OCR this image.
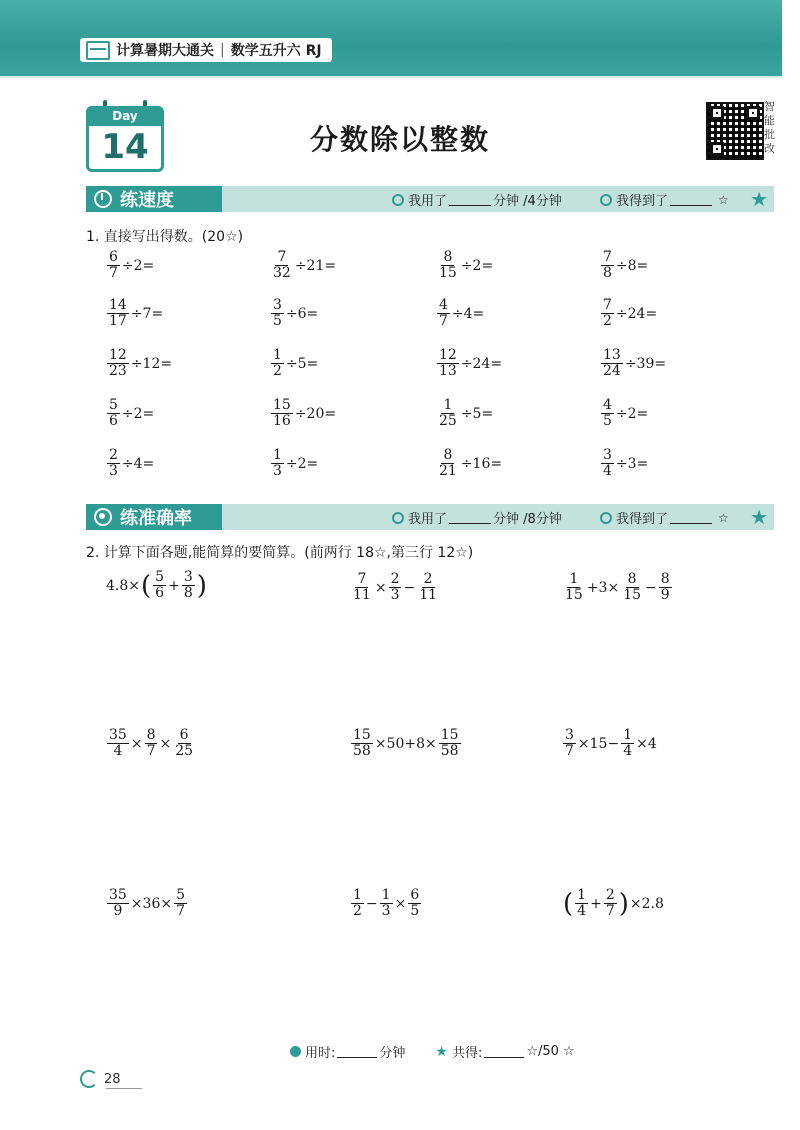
计算暑期大通关 | 数学五升六 RJ
Day
14	分数除以整数
智能批改
练速度	我用了	分钟 /4分钟	我得到了	☆ ★
1. 直接写出得数。(20☆)
$\frac{6}{7} \div 2=$	$\frac{7}{32} \div 21=$	$\frac{8}{15} \div 2=$	$\frac{7}{8} \div 8=$
$\frac{14}{17} \div 7=$	$\frac{3}{5} \div 6=$	$\frac{4}{7} \div 4=$	$\frac{7}{2} \div 24=$
$\frac{12}{23} \div 12=$	$\frac{1}{2} \div 5=$	$\frac{12}{13} \div 24=$	$\frac{13}{24} \div 39=$
$\frac{5}{6} \div 2=$	$\frac{15}{16} \div 20=$	$\frac{1}{25} \div 5=$	$\frac{4}{5} \div 2=$
$\frac{2}{3} \div 4=$	$\frac{1}{3} \div 2=$	$\frac{8}{21} \div 16=$	$\frac{3}{4} \div 3=$
练准确率	我用了	分钟 /8分钟	我得到了	☆ ★
2. 计算下面各题,能简算的要简算。(前两行 18☆,第三行 12☆)
4.8× ( $\frac{5}{6} + \frac{3}{8}$ )	$\frac{7}{11} \times \frac{2}{3} - \frac{2}{11}$	$\frac{1}{15} +3\times \frac{8}{15} - \frac{8}{9}$
$\frac{35}{4} \times \frac{8}{7} \times \frac{6}{25}$	$\frac{15}{58} \times 50+8\times \frac{15}{58}$	$\frac{3}{7} \times 15- \frac{1}{4} \times 4$
$\frac{35}{9} \times 36\times \frac{5}{7}$	$\frac{1}{2} - \frac{1}{3} \times \frac{6}{5}$	( $\frac{1}{4} + \frac{2}{7}$ ) ×2.8
用时:	分钟 ★ 共得:	☆/50 ☆
28
